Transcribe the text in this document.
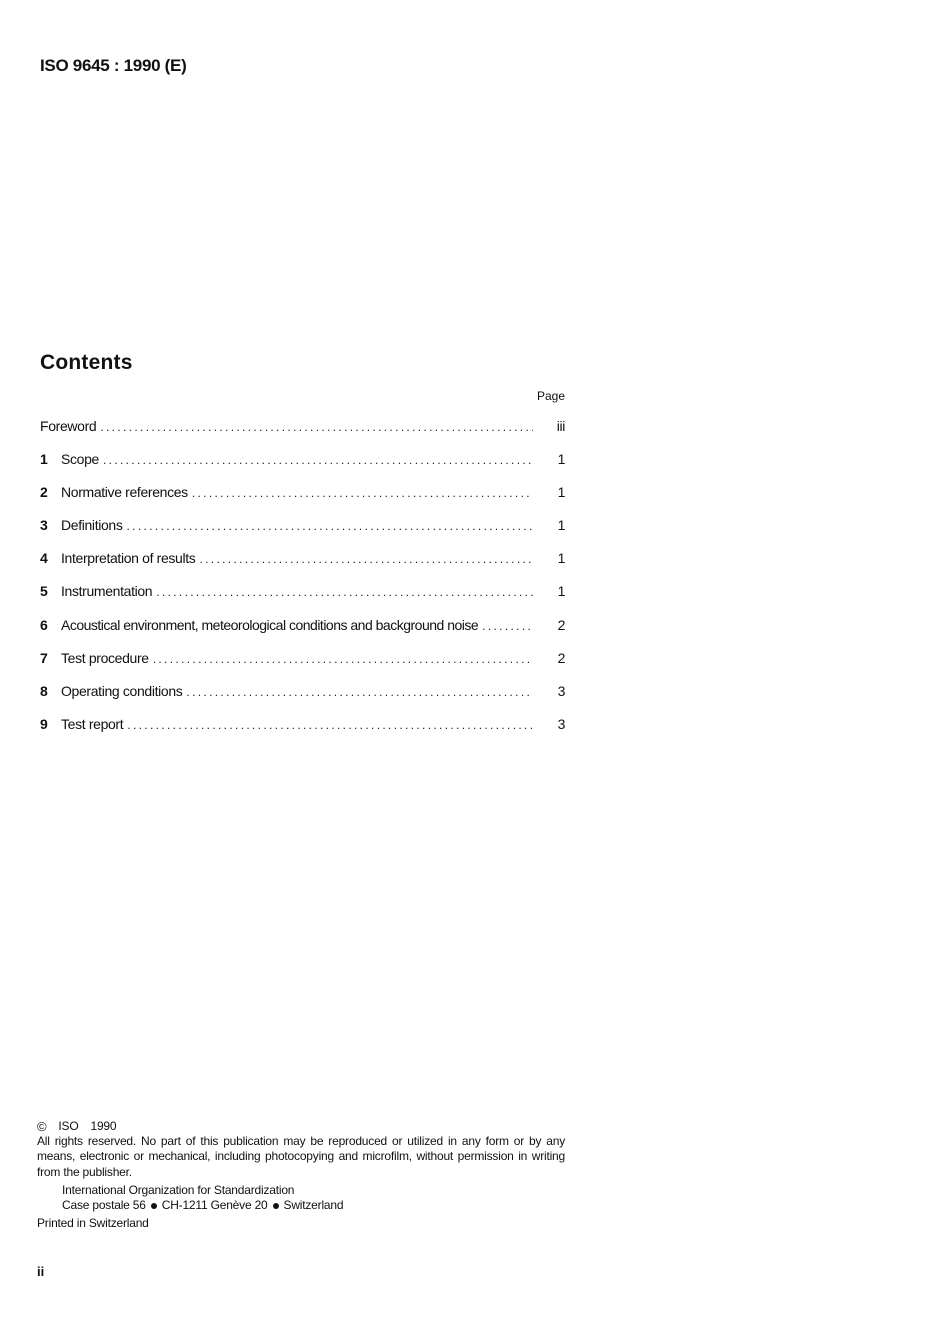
ISO 9645 : 1990 (E)
Contents
Page
Foreword . . .	iii
1 Scope . . .	1
2 Normative references . . .	1
3 Definitions . . .	1
4 Interpretation of results . . .	1
5 Instrumentation . . .	1
6 Acoustical environment, meteorological conditions and background noise . . .	2
7 Test procedure . . .	2
8 Operating conditions . . .	3
9 Test report . . .	3
© ISO 1990

All rights reserved. No part of this publication may be reproduced or utilized in any form or by any means, electronic or mechanical, including photocopying and microfilm, without permission in writing from the publisher.

International Organization for Standardization
Case postale 56 CH-1211 Genève 20 Switzerland
Printed in Switzerland
ii
